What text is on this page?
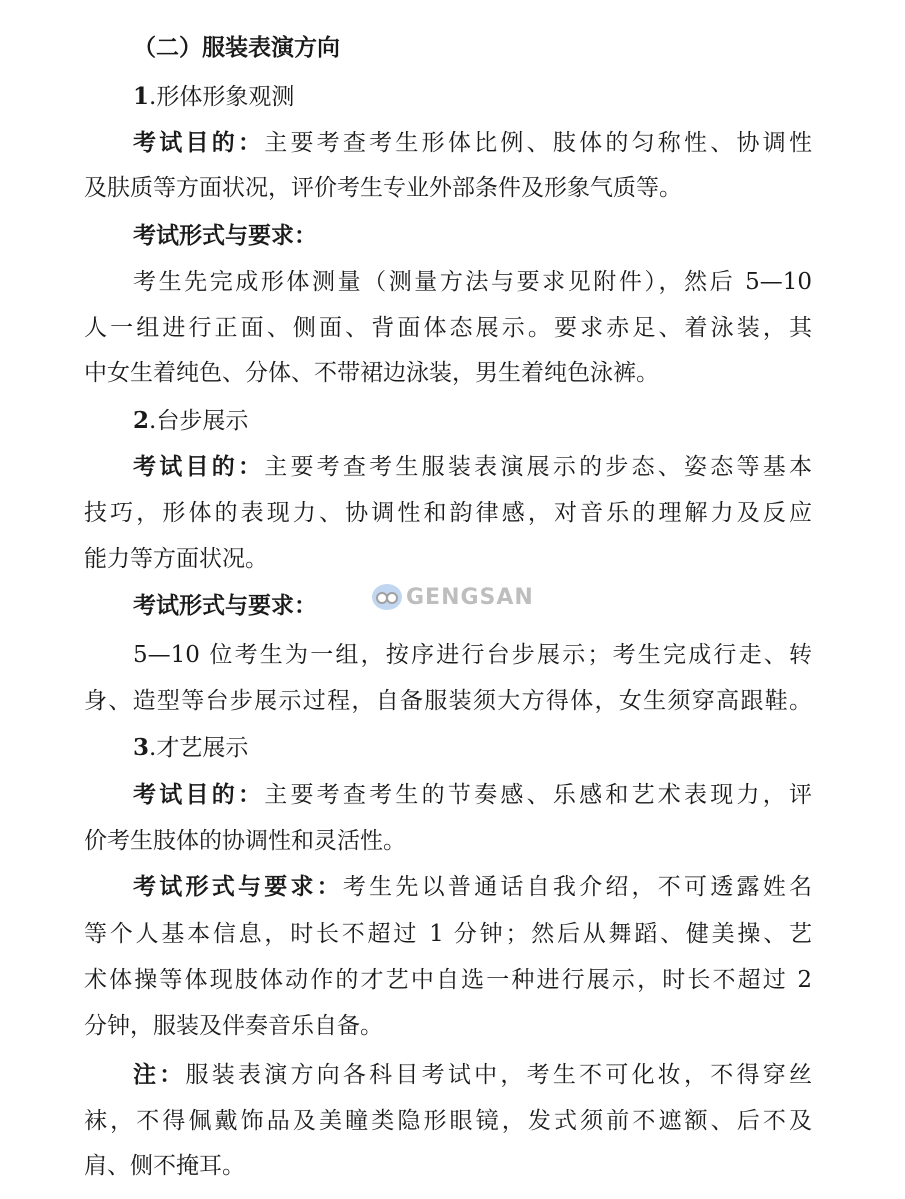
（二）服装表演方向
1.形体形象观测
考试目的：主要考查考生形体比例、肢体的匀称性、协调性
及肤质等方面状况，评价考生专业外部条件及形象气质等。
考试形式与要求：
考生先完成形体测量（测量方法与要求见附件），然后 5—10
人一组进行正面、侧面、背面体态展示。要求赤足、着泳装，其
中女生着纯色、分体、不带裙边泳装，男生着纯色泳裤。
2.台步展示
考试目的：主要考查考生服装表演展示的步态、姿态等基本
技巧，形体的表现力、协调性和韵律感，对音乐的理解力及反应
能力等方面状况。
考试形式与要求：
5—10 位考生为一组，按序进行台步展示；考生完成行走、转
身、造型等台步展示过程，自备服装须大方得体，女生须穿高跟鞋。
3.才艺展示
考试目的：主要考查考生的节奏感、乐感和艺术表现力，评
价考生肢体的协调性和灵活性。
考试形式与要求：考生先以普通话自我介绍，不可透露姓名
等个人基本信息，时长不超过 1 分钟；然后从舞蹈、健美操、艺
术体操等体现肢体动作的才艺中自选一种进行展示，时长不超过 2
分钟，服装及伴奏音乐自备。
注：服装表演方向各科目考试中，考生不可化妆，不得穿丝
袜，不得佩戴饰品及美瞳类隐形眼镜，发式须前不遮额、后不及
肩、侧不掩耳。
GENGSAN
